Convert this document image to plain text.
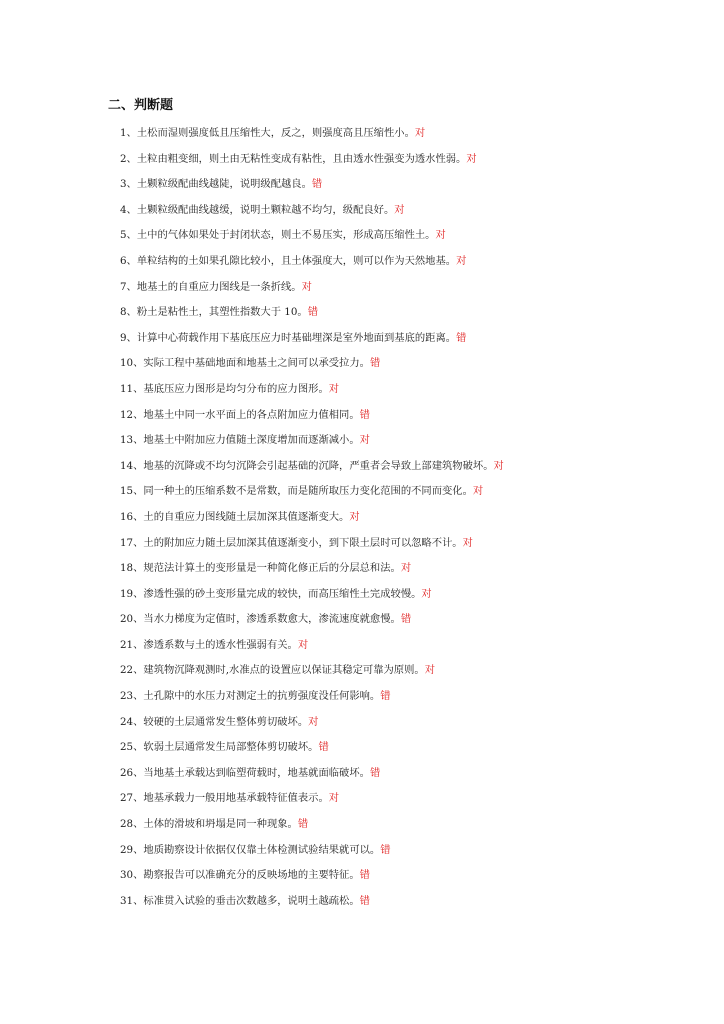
二、判断题
1、土松而湿则强度低且压缩性大，反之，则强度高且压缩性小。对
2、土粒由粗变细，则土由无粘性变成有粘性，且由透水性强变为透水性弱。对
3、土颗粒级配曲线越陡，说明级配越良。错
4、土颗粒级配曲线越缓，说明土颗粒越不均匀，级配良好。对
5、土中的气体如果处于封闭状态，则土不易压实，形成高压缩性土。对
6、单粒结构的土如果孔隙比较小，且土体强度大，则可以作为天然地基。对
7、地基土的自重应力图线是一条折线。对
8、粉土是粘性土，其塑性指数大于 10。错
9、计算中心荷载作用下基底压应力时基础埋深是室外地面到基底的距离。错
10、实际工程中基础地面和地基土之间可以承受拉力。错
11、基底压应力图形是均匀分布的应力图形。对
12、地基土中同一水平面上的各点附加应力值相同。错
13、地基土中附加应力值随土深度增加而逐渐减小。对
14、地基的沉降或不均匀沉降会引起基础的沉降，严重者会导致上部建筑物破坏。对
15、同一种土的压缩系数不是常数，而是随所取压力变化范围的不同而变化。对
16、土的自重应力图线随土层加深其值逐渐变大。对
17、土的附加应力随土层加深其值逐渐变小，到下限土层时可以忽略不计。对
18、规范法计算土的变形量是一种简化修正后的分层总和法。对
19、渗透性强的砂土变形量完成的较快，而高压缩性土完成较慢。对
20、当水力梯度为定值时，渗透系数愈大，渗流速度就愈慢。错
21、渗透系数与土的透水性强弱有关。对
22、建筑物沉降观测时,水准点的设置应以保证其稳定可靠为原则。对
23、土孔隙中的水压力对测定土的抗剪强度没任何影响。错
24、较硬的土层通常发生整体剪切破坏。对
25、软弱土层通常发生局部整体剪切破坏。错
26、当地基土承载达到临塑荷载时，地基就面临破坏。错
27、地基承载力一般用地基承载特征值表示。对
28、土体的滑坡和坍塌是同一种现象。错
29、地质勘察设计依据仅仅靠土体检测试验结果就可以。错
30、勘察报告可以准确充分的反映场地的主要特征。错
31、标准贯入试验的垂击次数越多，说明土越疏松。错
